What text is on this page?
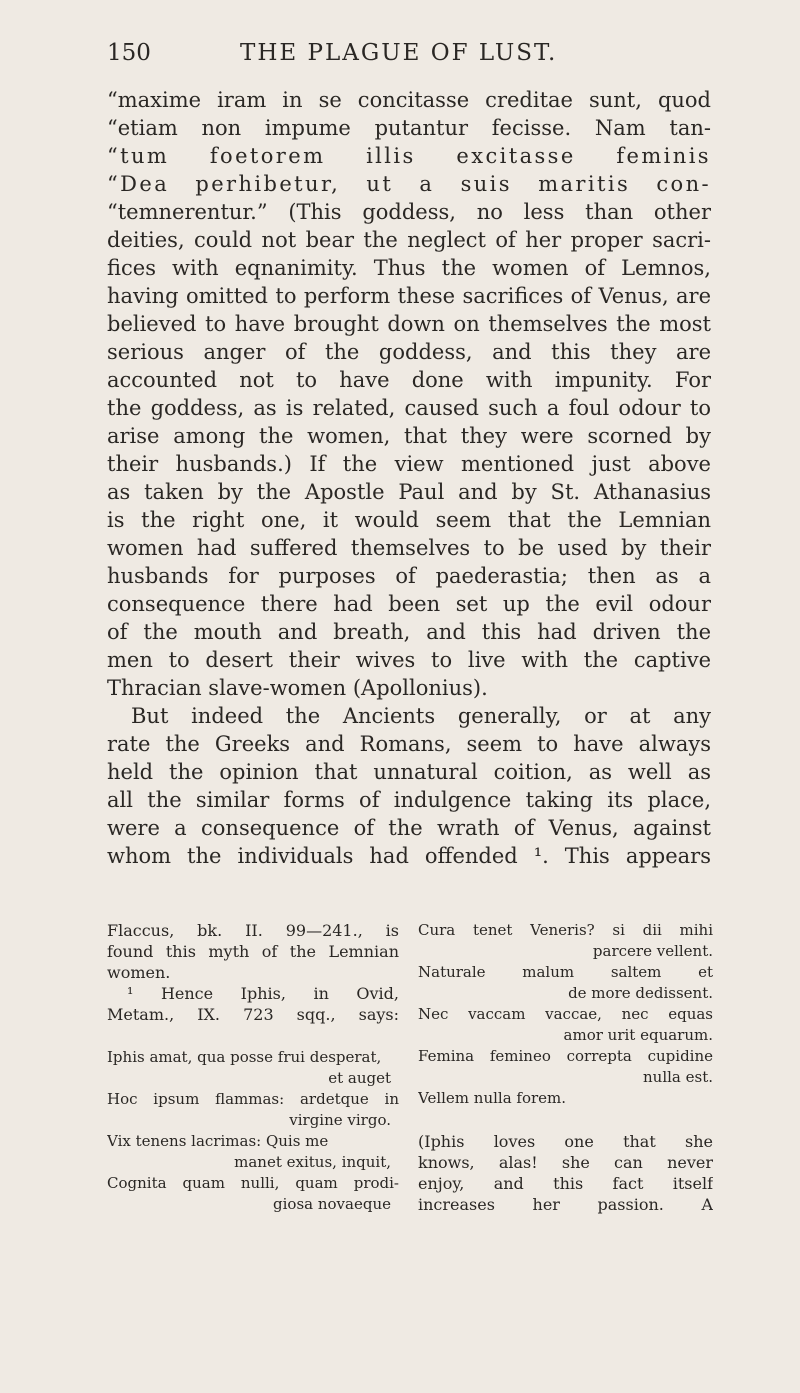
150	THE PLAGUE OF LUST.
“maxime iram in se concitasse creditae sunt, quod
“etiam non impume putantur fecisse. Nam tan-
“tum foetorem illis excitasse feminis
“Dea perhibetur, ut a suis maritis con-
“temnerentur.” (This goddess, no less than other
deities, could not bear the neglect of her proper sacri-
fices with eqnanimity. Thus the women of Lemnos,
having omitted to perform these sacrifices of Venus, are
believed to have brought down on themselves the most
serious anger of the goddess, and this they are
accounted not to have done with impunity. For
the goddess, as is related, caused such a foul odour to
arise among the women, that they were scorned by
their husbands.) If the view mentioned just above
as taken by the Apostle Paul and by St. Athanasius
is the right one, it would seem that the Lemnian
women had suffered themselves to be used by their
husbands for purposes of paederastia; then as a
consequence there had been set up the evil odour
of the mouth and breath, and this had driven the
men to desert their wives to live with the captive
Thracian slave-women (Apollonius).
But indeed the Ancients generally, or at any
rate the Greeks and Romans, seem to have always
held the opinion that unnatural coition, as well as
all the similar forms of indulgence taking its place,
were a consequence of the wrath of Venus, against
whom the individuals had offended ¹. This appears
Flaccus, bk. II. 99—241., is
found this myth of the Lemnian
women.
¹ Hence Iphis, in Ovid,
Metam., IX. 723 sqq., says:
Iphis amat, qua posse frui desperat,
et auget
Hoc ipsum flammas: ardetque in
virgine virgo.
Vix tenens lacrimas: Quis me
manet exitus, inquit,
Cognita quam nulli, quam prodi-
giosa novaeque
Cura tenet Veneris? si dii mihi
parcere vellent.
Naturale malum saltem et
de more dedissent.
Nec vaccam vaccae, nec equas
amor urit equarum.
Femina femineo correpta cupidine
nulla est.
Vellem nulla forem.
(Iphis loves one that she
knows, alas! she can never
enjoy, and this fact itself
increases her passion. A
